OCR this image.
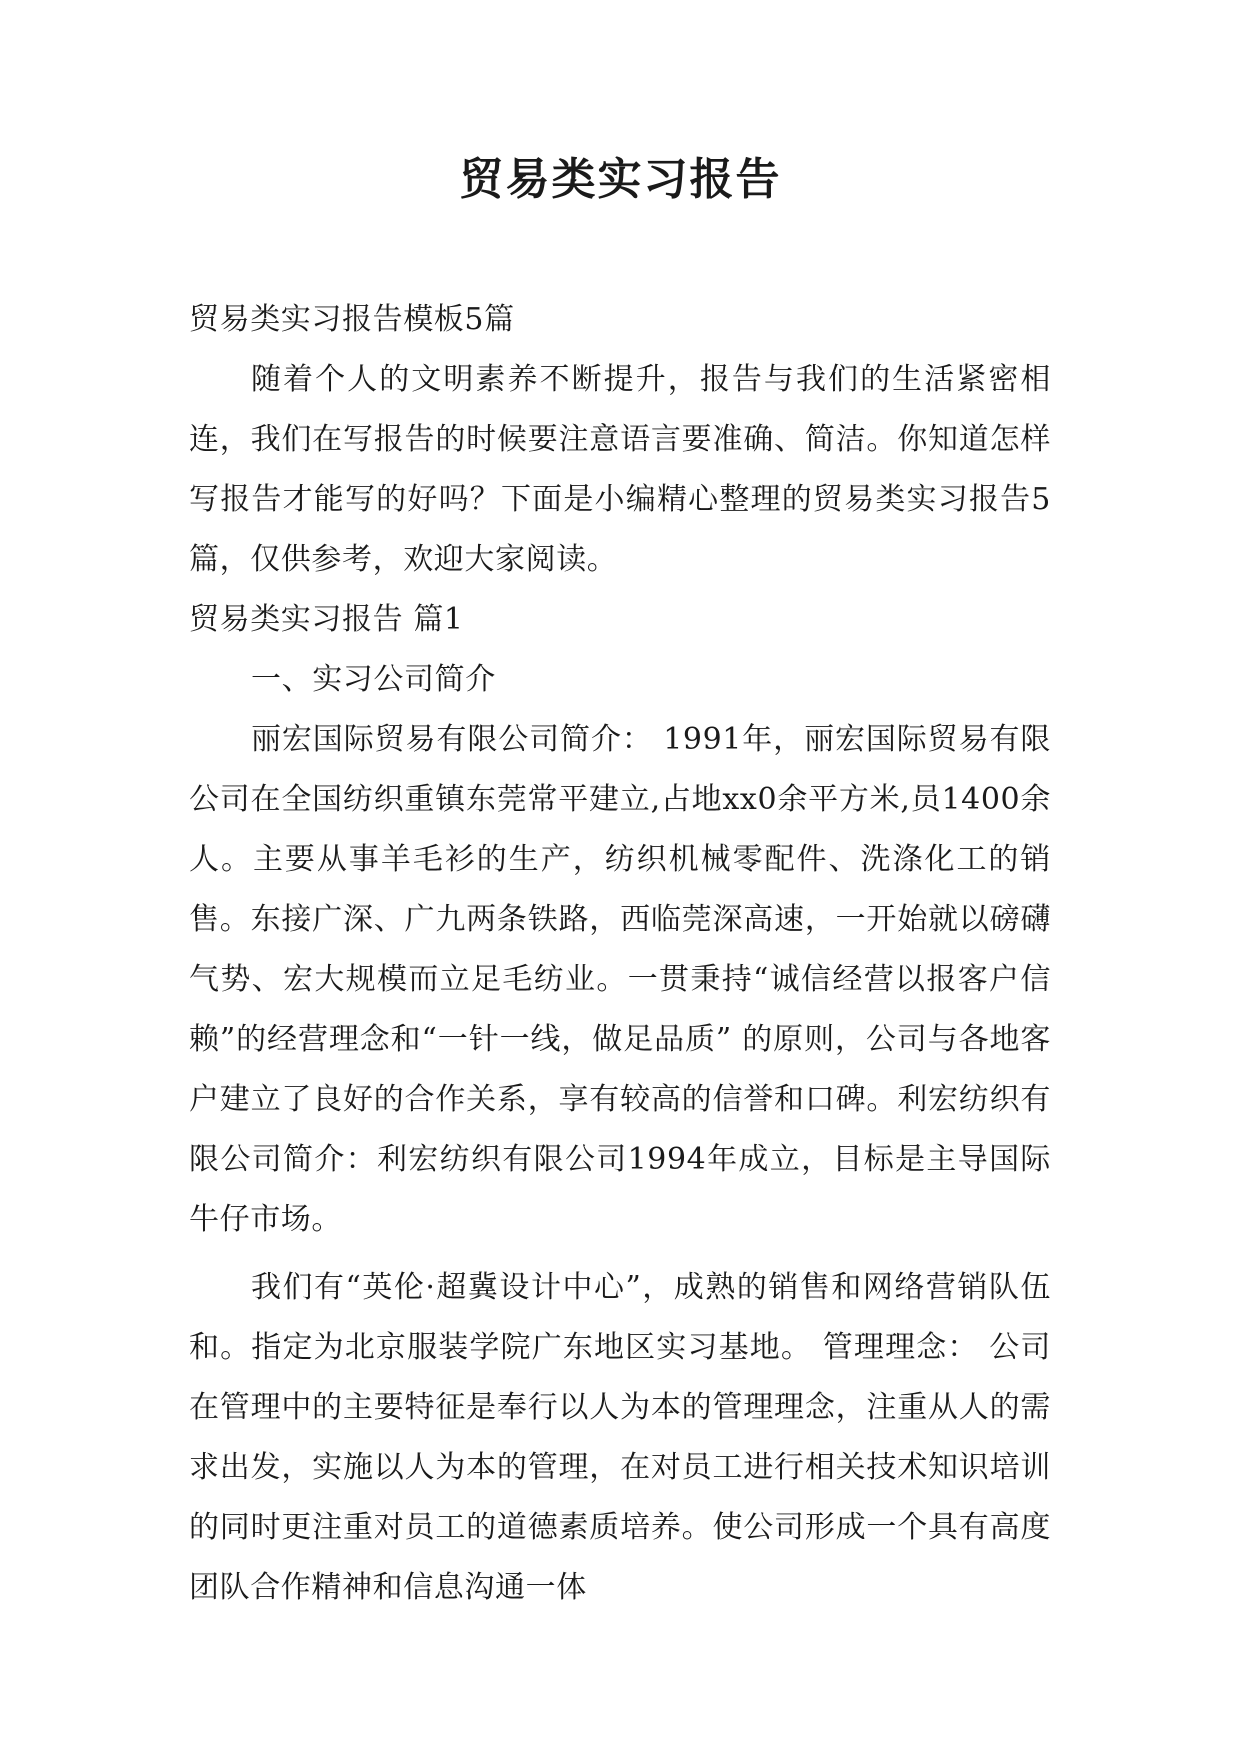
贸易类实习报告

贸易类实习报告模板5篇

随着个人的文明素养不断提升，报告与我们的生活紧密相连，我们在写报告的时候要注意语言要准确、简洁。你知道怎样写报告才能写的好吗？下面是小编精心整理的贸易类实习报告5篇，仅供参考，欢迎大家阅读。

贸易类实习报告 篇1

一、实习公司简介

丽宏国际贸易有限公司简介： 1991年，丽宏国际贸易有限公司在全国纺织重镇东莞常平建立,占地xx0余平方米,员1400余人。主要从事羊毛衫的生产，纺织机械零配件、洗涤化工的销售。东接广深、广九两条铁路，西临莞深高速，一开始就以磅礴气势、宏大规模而立足毛纺业。一贯秉持“诚信经营以报客户信赖”的经营理念和“一针一线，做足品质” 的原则，公司与各地客户建立了良好的合作关系，享有较高的信誉和口碑。利宏纺织有限公司简介：利宏纺织有限公司1994年成立，目标是主导国际牛仔市场。

我们有“英伦·超冀设计中心”，成熟的销售和网络营销队伍和。指定为北京服装学院广东地区实习基地。 管理理念： 公司在管理中的主要特征是奉行以人为本的管理理念，注重从人的需求出发，实施以人为本的管理，在对员工进行相关技术知识培训的同时更注重对员工的道德素质培养。使公司形成一个具有高度团队合作精神和信息沟通一体
